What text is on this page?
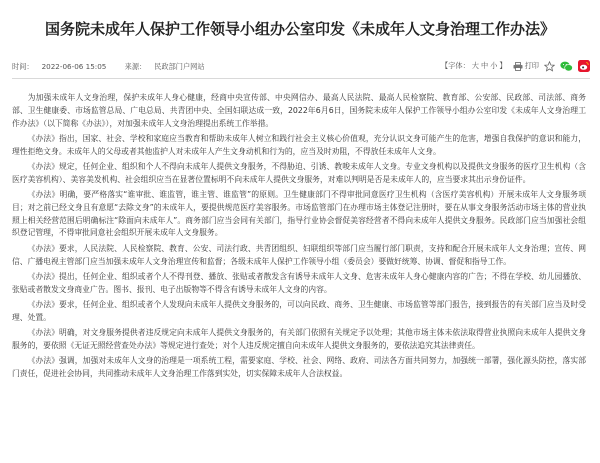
国务院未成年人保护工作领导小组办公室印发《未成年人文身治理工作办法》
时间： 2022-06-06 15:05	来源： 民政部门户网站	【字体： 大 中 小 】	打印

为加强未成年人文身治理，保护未成年人身心健康，经商中央宣传部、中央网信办、最高人民法院、最高人民检察院、教育部、公安部、民政部、司法部、商务部、卫生健康委、市场监管总局、广电总局、共青团中央、全国妇联达成一致，2022年6月6日，国务院未成年人保护工作领导小组办公室印发《未成年人文身治理工作办法》（以下简称《办法》），对加强未成年人文身治理提出系统工作举措。

《办法》指出，国家、社会、学校和家庭应当教育和帮助未成年人树立和践行社会主义核心价值观，充分认识文身可能产生的危害，增强自我保护的意识和能力，理性拒绝文身。未成年人的父母或者其他监护人对未成年人产生文身动机和行为的，应当及时劝阻，不得放任未成年人文身。

《办法》规定，任何企业、组织和个人不得向未成年人提供文身服务，不得胁迫、引诱、教唆未成年人文身。专业文身机构以及提供文身服务的医疗卫生机构（含医疗美容机构）、美容美发机构、社会组织应当在显著位置标明不向未成年人提供文身服务，对难以判明是否是未成年人的，应当要求其出示身份证件。

《办法》明确，要严格落实“谁审批、谁监管，谁主管、谁监管”的原则。卫生健康部门不得审批同意医疗卫生机构（含医疗美容机构）开展未成年人文身服务项目；对之前已经文身且有意愿“去除文身”的未成年人，要提供规范医疗美容服务。市场监管部门在办理市场主体登记注册时，要在从事文身服务活动市场主体的营业执照上相关经营范围后明确标注“除面向未成年人”。商务部门应当会同有关部门，指导行业协会督促美容经营者不得向未成年人提供文身服务。民政部门应当加强社会组织登记管理，不得审批同意社会组织开展未成年人文身服务。

《办法》要求，人民法院、人民检察院、教育、公安、司法行政、共青团组织、妇联组织等部门应当履行部门职责，支持和配合开展未成年人文身治理；宣传、网信、广播电视主管部门应当加强未成年人文身治理宣传和监督；各级未成年人保护工作领导小组（委员会）要做好统筹、协调、督促和指导工作。

《办法》提出，任何企业、组织或者个人不得刊登、播放、张贴或者散发含有诱导未成年人文身、危害未成年人身心健康内容的广告；不得在学校、幼儿园播放、张贴或者散发文身商业广告。图书、报刊、电子出版物等不得含有诱导未成年人文身的内容。

《办法》要求，任何企业、组织或者个人发现向未成年人提供文身服务的，可以向民政、商务、卫生健康、市场监管等部门报告，接到报告的有关部门应当及时受理、处置。

《办法》明确，对文身服务提供者违反规定向未成年人提供文身服务的，有关部门依照有关规定予以处理；其他市场主体未依法取得营业执照向未成年人提供文身服务的，要依照《无证无照经营查处办法》等规定进行查处；对个人违反规定擅自向未成年人提供文身服务的，要依法追究其法律责任。

《办法》强调，加强对未成年人文身的治理是一项系统工程，需要家庭、学校、社会、网络、政府、司法各方面共同努力，加强统一部署，强化源头防控，落实部门责任，促进社会协同，共同推动未成年人文身治理工作落到实处，切实保障未成年人合法权益。
